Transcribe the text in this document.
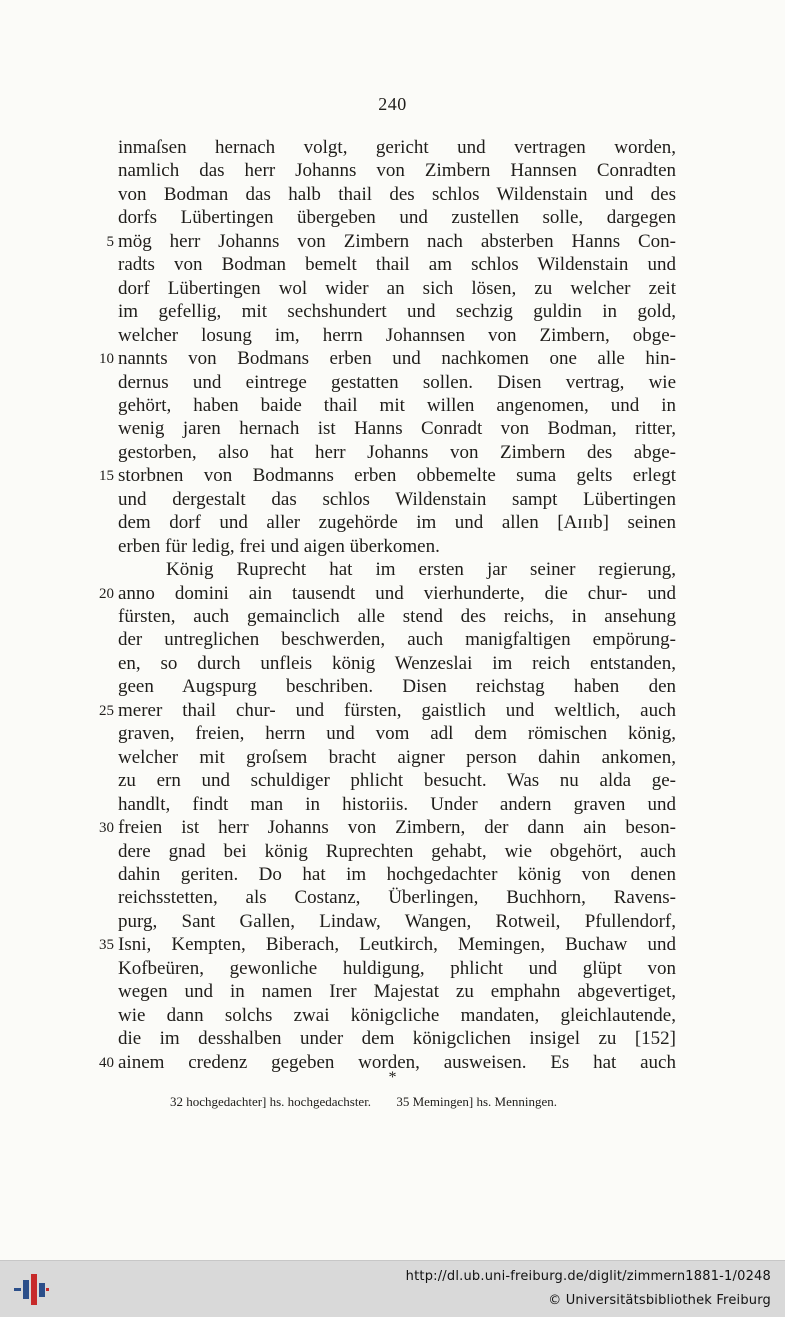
240
inmaſsen hernach volgt, gericht und vertragen worden,
namlich das herr Johanns von Zimbern Hannsen Conradten
von Bodman das halb thail des schlos Wildenstain und des
dorfs Lübertingen übergeben und zustellen solle, dargegen
5 mög herr Johanns von Zimbern nach absterben Hanns Con-
radts von Bodman bemelt thail am schlos Wildenstain und
dorf Lübertingen wol wider an sich lösen, zu welcher zeit
im gefellig, mit sechshundert und sechzig guldin in gold,
welcher losung im, herrn Johannsen von Zimbern, obge-
10 nannts von Bodmans erben und nachkomen one alle hin-
dernus und eintrege gestatten sollen. Disen vertrag, wie
gehört, haben baide thail mit willen angenomen, und in
wenig jaren hernach ist Hanns Conradt von Bodman, ritter,
gestorben, also hat herr Johanns von Zimbern des abge-
15 storbnen von Bodmanns erben obbemelte suma gelts erlegt
und dergestalt das schlos Wildenstain sampt Lübertingen
dem dorf und aller zugehörde im und allen [Aɪɪɪb] seinen
erben für ledig, frei und aigen überkomen.
König Ruprecht hat im ersten jar seiner regierung,
20 anno domini ain tausendt und vierhunderte, die chur- und
fürsten, auch gemainclich alle stend des reichs, in ansehung
der untreglichen beschwerden, auch manigfaltigen empörung-
en, so durch unfleis könig Wenzeslai im reich entstanden,
geen Augspurg beschriben. Disen reichstag haben den
25 merer thail chur- und fürsten, gaistlich und weltlich, auch
graven, freien, herrn und vom adl dem römischen könig,
welcher mit groſsem bracht aigner person dahin ankomen,
zu ern und schuldiger phlicht besucht. Was nu alda ge-
handlt, findt man in historiis. Under andern graven und
30 freien ist herr Johanns von Zimbern, der dann ain beson-
dere gnad bei könig Ruprechten gehabt, wie obgehört, auch
dahin geriten. Do hat im hochgedachter könig von denen
reichsstetten, als Costanz, Überlingen, Buchhorn, Ravens-
purg, Sant Gallen, Lindaw, Wangen, Rotweil, Pfullendorf,
35 Isni, Kempten, Biberach, Leutkirch, Memingen, Buchaw und
Kofbeüren, gewonliche huldigung, phlicht und glüpt von
wegen und in namen Irer Majestat zu emphahn abgevertiget,
wie dann solchs zwai königcliche mandaten, gleichlautende,
die im desshalben under dem königclichen insigel zu [152]
40 ainem credenz gegeben worden, ausweisen. Es hat auch
*
32 hochgedachter] hs. hochgedachster. 35 Memingen] hs. Menningen.
http://dl.ub.uni-freiburg.de/diglit/zimmern1881-1/0248
© Universitätsbibliothek Freiburg
